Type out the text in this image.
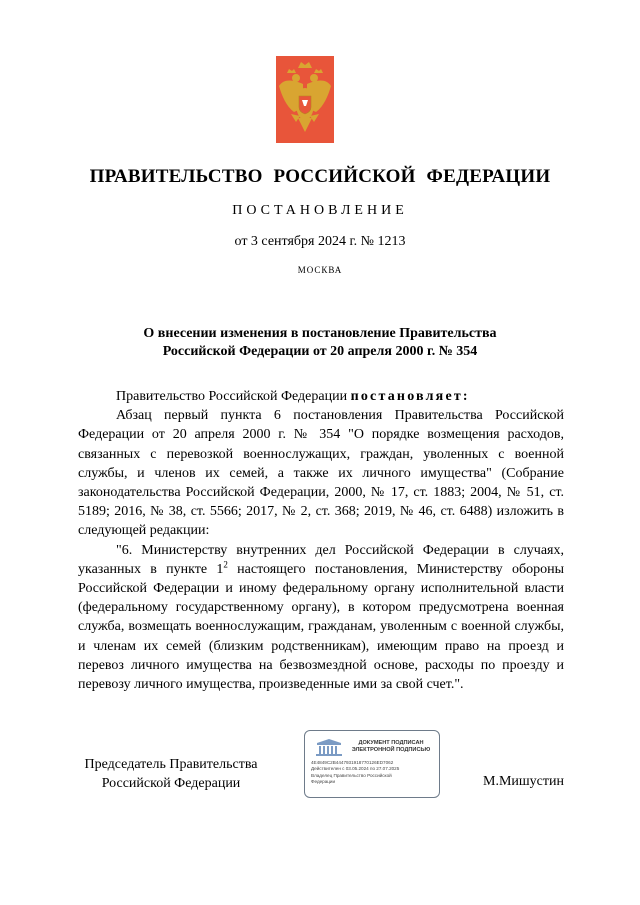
ПРАВИТЕЛЬСТВО РОССИЙСКОЙ ФЕДЕРАЦИИ
ПОСТАНОВЛЕНИЕ
от 3 сентября 2024 г. № 1213
МОСКВА
О внесении изменения в постановление Правительства
Российской Федерации от 20 апреля 2000 г. № 354

Правительство Российской Федерации постановляет:

Абзац первый пункта 6 постановления Правительства Российской Федерации от 20 апреля 2000 г. № 354 "О порядке возмещения расходов, связанных с перевозкой военнослужащих, граждан, уволенных с военной службы, и членов их семей, а также их личного имущества" (Собрание законодательства Российской Федерации, 2000, № 17, ст. 1883; 2004, № 51, ст. 5189; 2016, № 38, ст. 5566; 2017, № 2, ст. 368; 2019, № 46, ст. 6488) изложить в следующей редакции:

"6. Министерству внутренних дел Российской Федерации в случаях, указанных в пункте $1^2$ настоящего постановления, Министерству обороны Российской Федерации и иному федеральному органу исполнительной власти (федеральному государственному органу), в котором предусмотрена военная служба, возмещать военнослужащим, гражданам, уволенным с военной службы, и членам их семей (близким родственникам), имеющим право на проезд и перевоз личного имущества на безвозмездной основе, расходы по проезду и перевозу личного имущества, произведенные ими за свой счет.".

Председатель Правительства
Российской Федерации
ДОКУМЕНТ ПОДПИСАН
ЭЛЕКТРОННОЙ ПОДПИСЬЮ
4E4849C2B4447931918770126ED7062
Действителен с 03.05.2024 по 27.07.2025
Владелец Правительство Российской
Федерации	М.Мишустин
